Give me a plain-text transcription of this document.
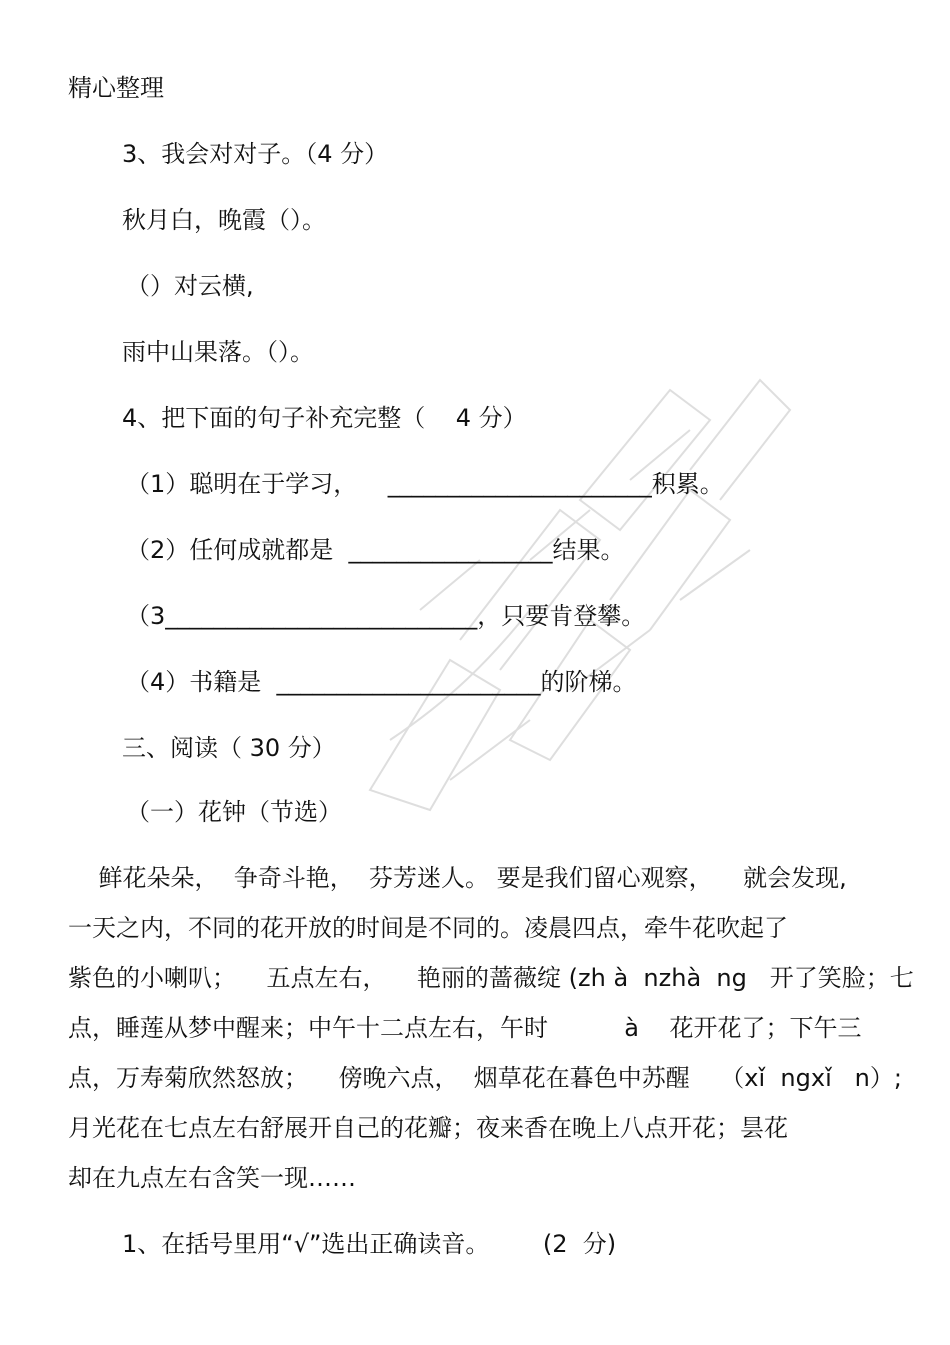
精心整理
3、我会对对子。（4 分）
秋月白，晚霞（）。
（）对云横,
雨中山果落。（）。
4、把下面的句子补充完整（    4 分）
（1）聪明在于学习，    ______________________积累。
（2）任何成就都是  _________________结果。
（3__________________________，只要肯登攀。
（4）书籍是  ______________________的阶梯。
三、阅读（ 30 分）
（一）花钟（节选）
鲜花朵朵，  争奇斗艳，  芬芳迷人。 要是我们留心观察，    就会发现,
一天之内，不同的花开放的时间是不同的。凌晨四点，牵牛花吹起了
紫色的小喇叭；    五点左右，    艳丽的蔷薇绽 (zh à  nzhà  ng   开了笑脸；七
点，睡莲从梦中醒来；中午十二点左右，午时          à    花开花了；下午三
点，万寿菊欣然怒放；    傍晚六点，  烟草花在暮色中苏醒    （xǐ  ngxǐ   n）;
月光花在七点左右舒展开自己的花瓣；夜来香在晚上八点开花；昙花
却在九点左右含笑一现……
1、在括号里用“√”选出正确读音。       (2  分)
